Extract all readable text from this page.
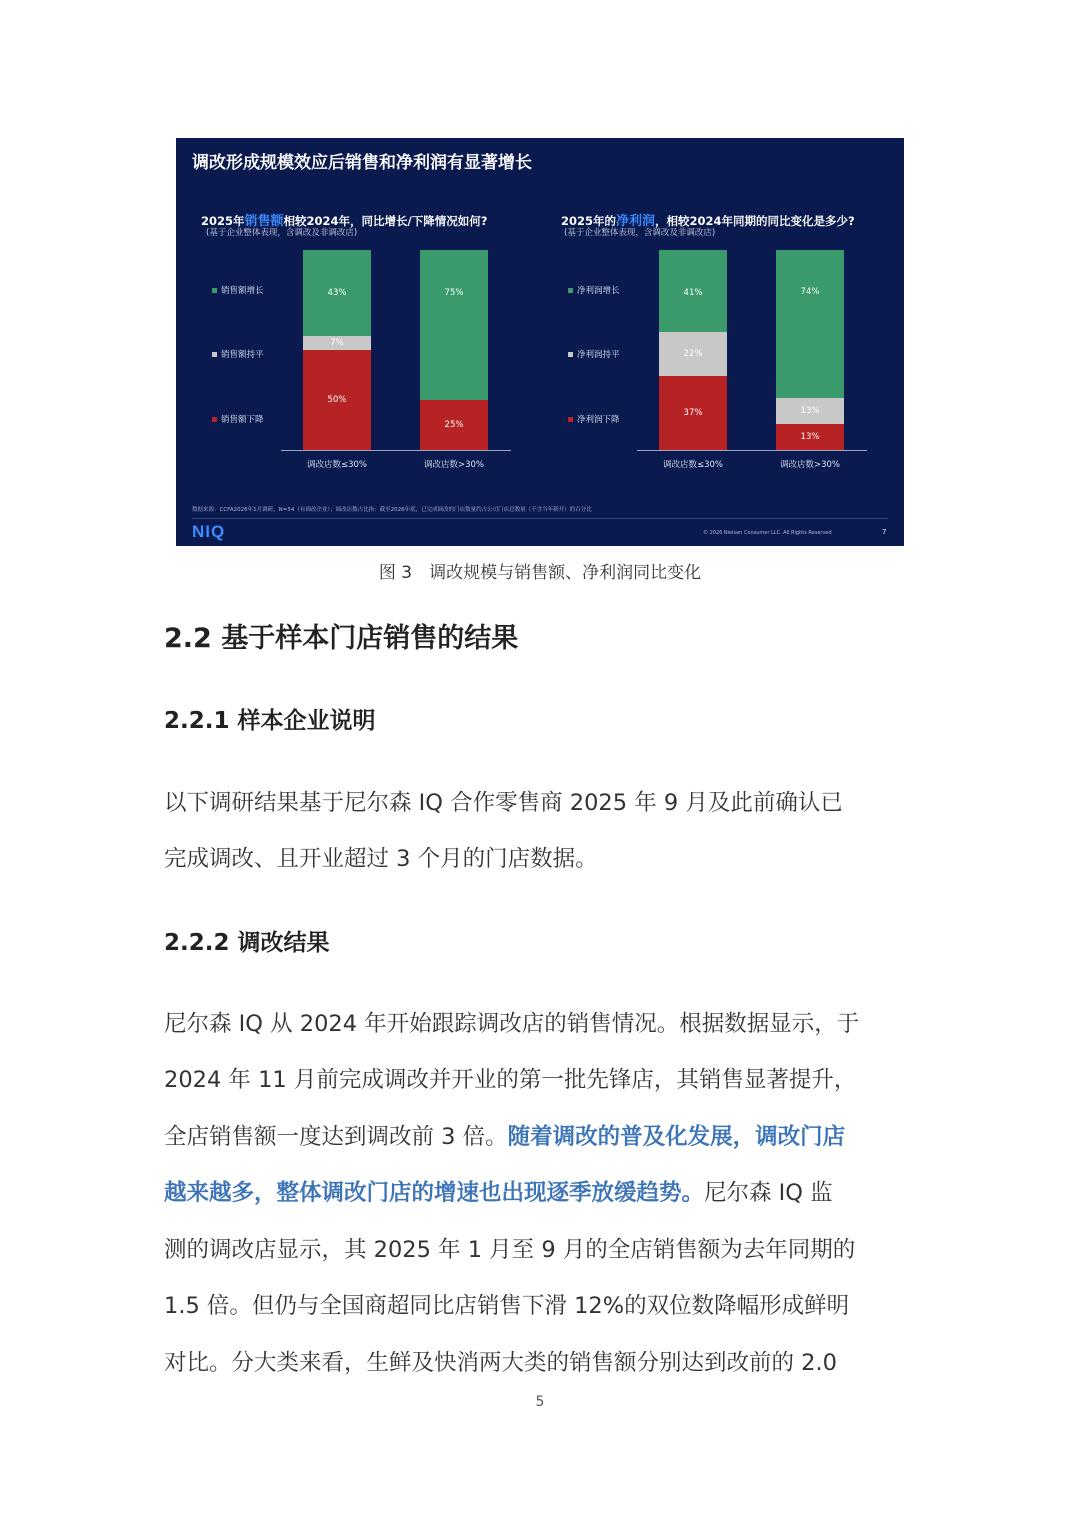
调改形成规模效应后销售和净利润有显著增长
2025年销售额相较2024年，同比增长/下降情况如何?
(基于企业整体表现，含调改及非调改店)
销售额增长
销售额持平
销售额下降
43%
7%
50%
调改店数≤30%
75%
25%
调改店数>30%
2025年的净利润，相较2024年同期的同比变化是多少?
(基于企业整体表现，含调改及非调改店)
净利润增长
净利润持平
净利润下降
41%
22%
37%
调改店数≤30%
74%
13%
13%
调改店数>30%
数据来源：CCFA2026年1月调研，N=54（有调改企业）；调改店数占比指：截至2026年底，已完成调改的门店数量约占公司门店总数量（不含当年新开）的百分比
NIQ	© 2026 Nielsen Consumer LLC. All Rights Reserved	7
图 3　调改规模与销售额、净利润同比变化
2.2 基于样本门店销售的结果
2.2.1 样本企业说明
以下调研结果基于尼尔森 IQ 合作零售商 2025 年 9 月及此前确认已
完成调改、且开业超过 3 个月的门店数据。
2.2.2 调改结果
尼尔森 IQ 从 2024 年开始跟踪调改店的销售情况。根据数据显示，于
2024 年 11 月前完成调改并开业的第一批先锋店，其销售显著提升，
全店销售额一度达到调改前 3 倍。随着调改的普及化发展，调改门店
越来越多，整体调改门店的增速也出现逐季放缓趋势。尼尔森 IQ 监
测的调改店显示，其 2025 年 1 月至 9 月的全店销售额为去年同期的
1.5 倍。但仍与全国商超同比店销售下滑 12%的双位数降幅形成鲜明
对比。分大类来看，生鲜及快消两大类的销售额分别达到改前的 2.0
5
